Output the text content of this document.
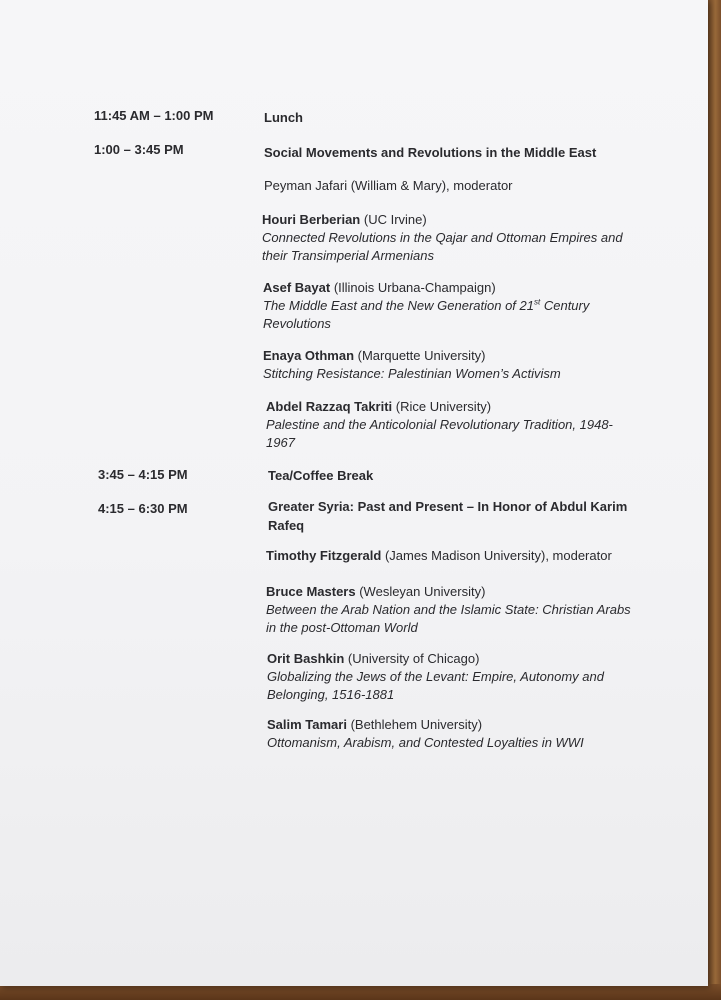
11:45 AM – 1:00 PM	Lunch
1:00 – 3:45 PM	Social Movements and Revolutions in the Middle East
Peyman Jafari (William & Mary), moderator
Houri Berberian (UC Irvine)
Connected Revolutions in the Qajar and Ottoman Empires and their Transimperial Armenians
Asef Bayat (Illinois Urbana-Champaign)
The Middle East and the New Generation of 21st Century Revolutions
Enaya Othman (Marquette University)
Stitching Resistance: Palestinian Women’s Activism
Abdel Razzaq Takriti (Rice University)
Palestine and the Anticolonial Revolutionary Tradition, 1948-1967
3:45 – 4:15 PM	Tea/Coffee Break
4:15 – 6:30 PM	Greater Syria: Past and Present – In Honor of Abdul Karim Rafeq
Timothy Fitzgerald (James Madison University), moderator
Bruce Masters (Wesleyan University)
Between the Arab Nation and the Islamic State: Christian Arabs in the post-Ottoman World
Orit Bashkin (University of Chicago)
Globalizing the Jews of the Levant: Empire, Autonomy and Belonging, 1516-1881
Salim Tamari (Bethlehem University)
Ottomanism, Arabism, and Contested Loyalties in WWI
